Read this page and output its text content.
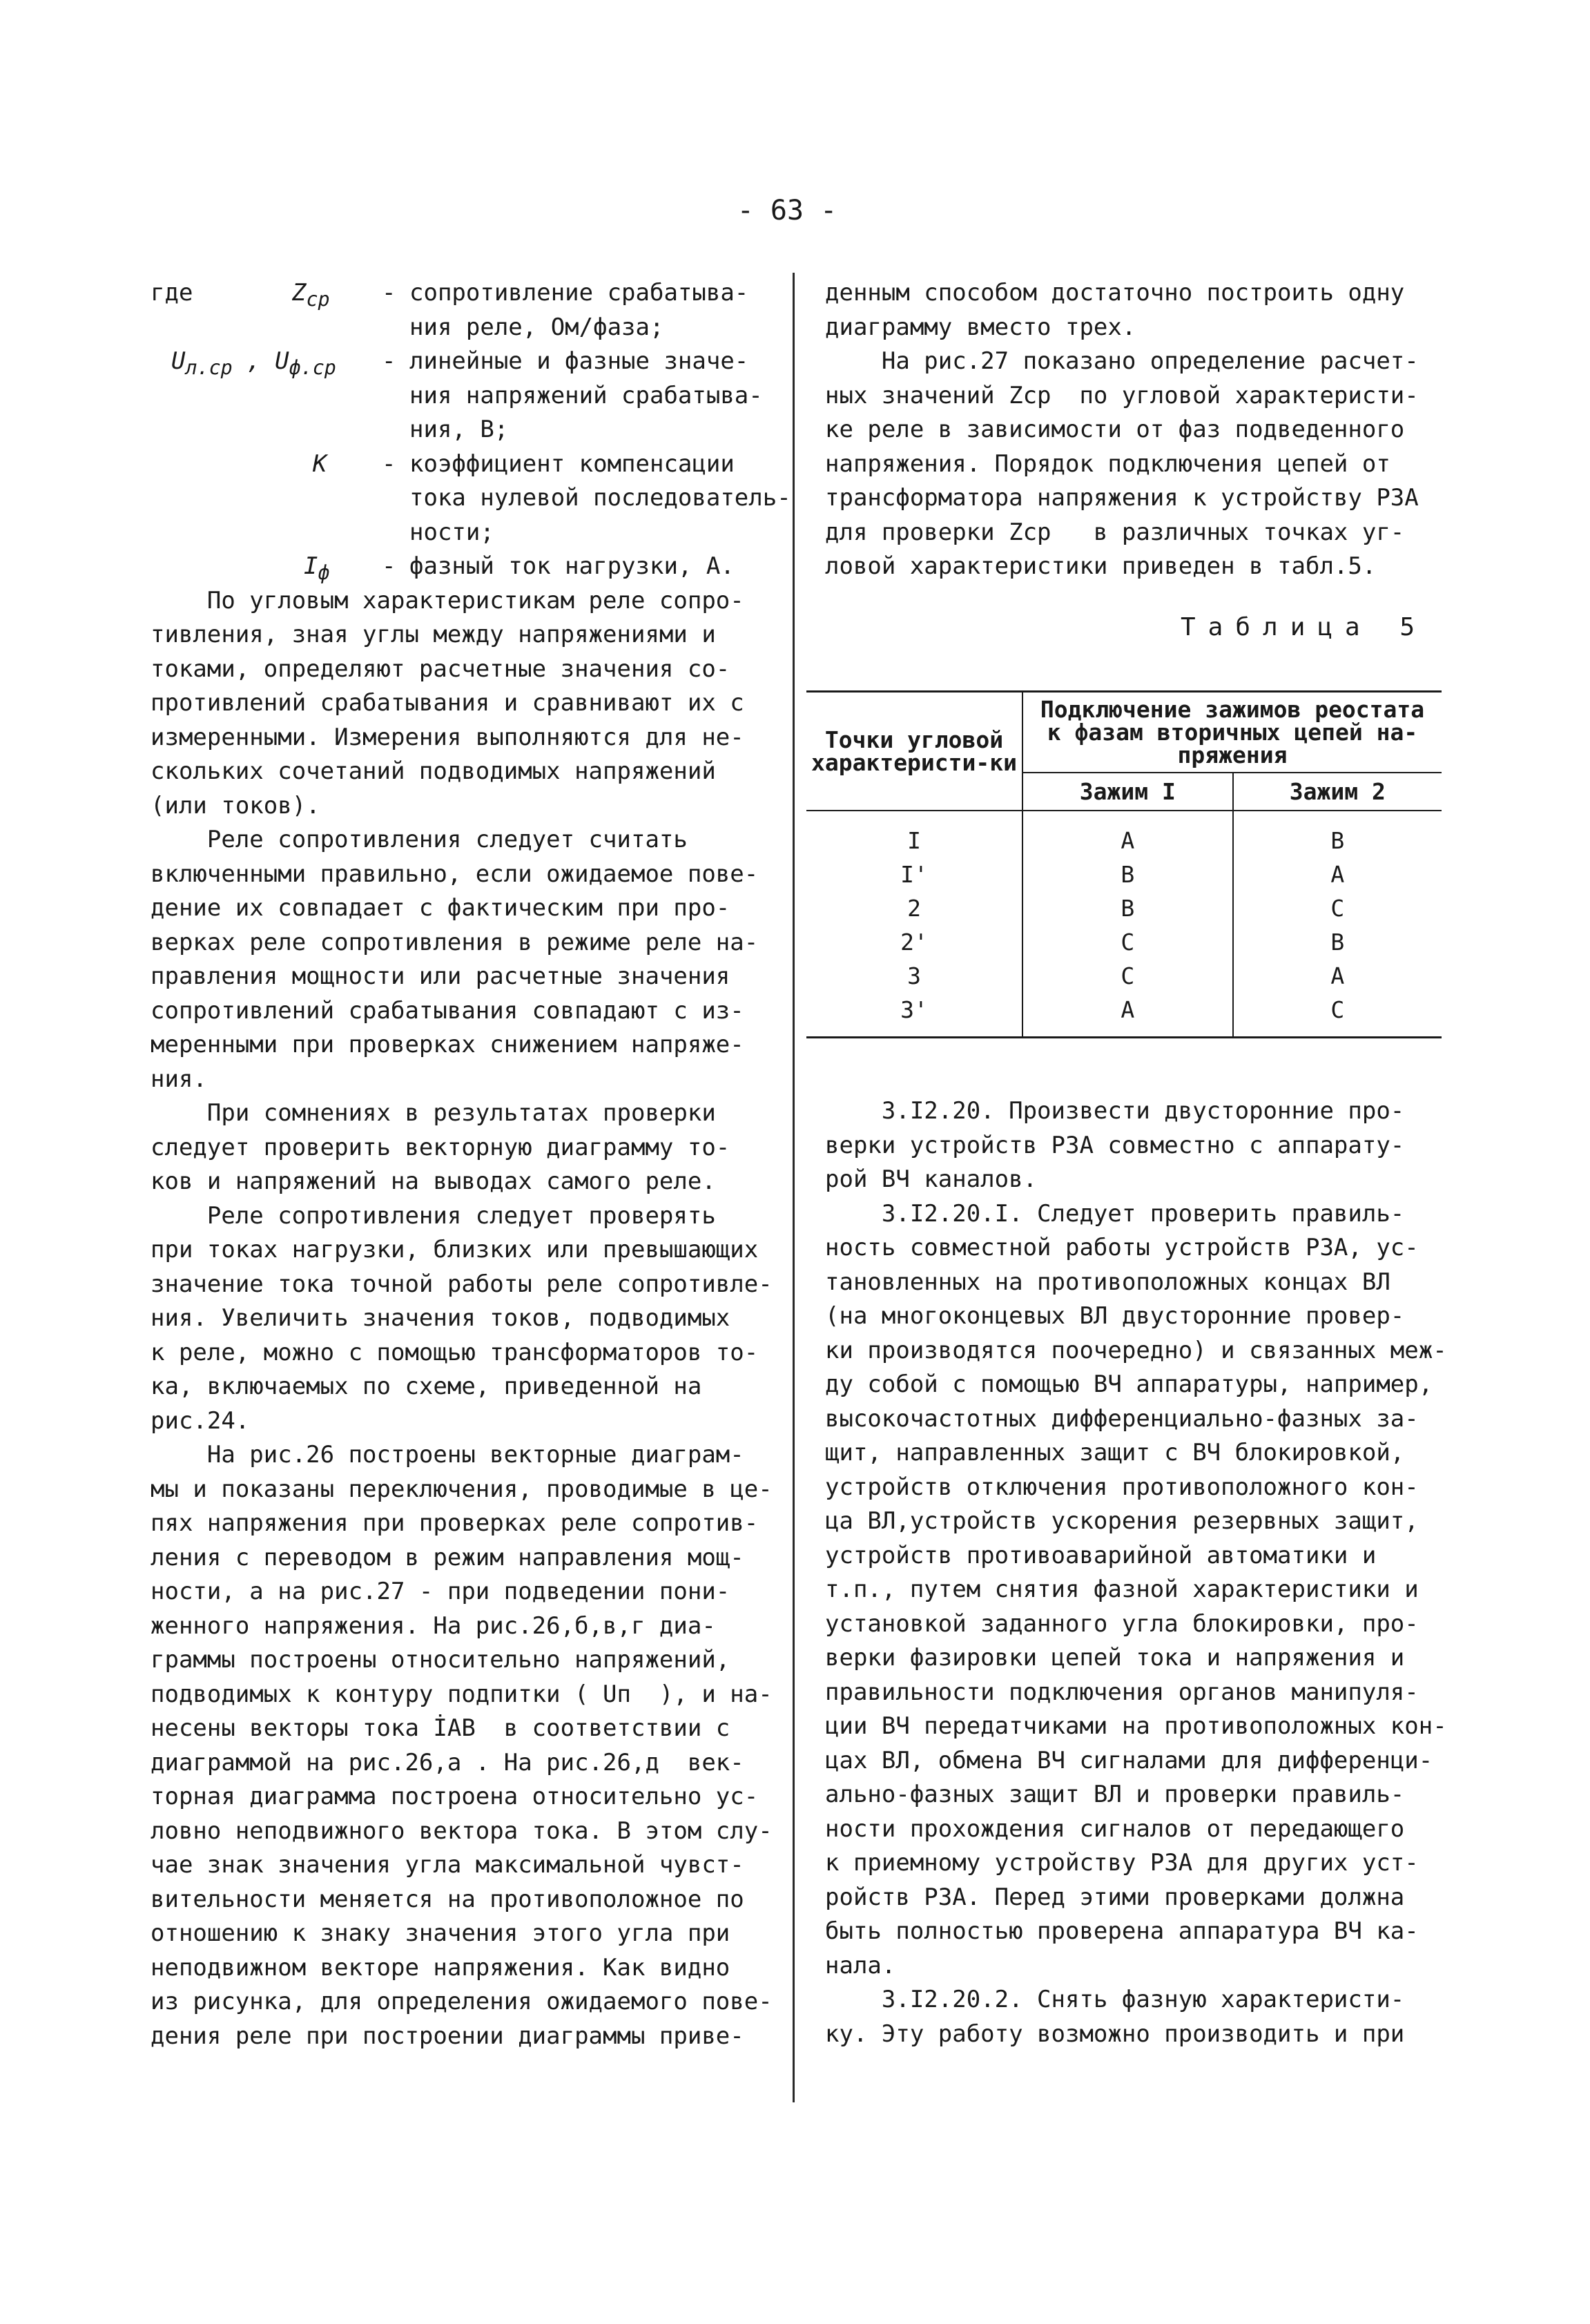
- 63 -
где	$Z_{ср}$ - сопротивление срабатыва-
ния реле, Ом/фаза;
$U_{л.ср}$ , $U_{ф.ср}$ - линейные и фазные значе-
ния напряжений срабатыва-
ния, В;
K - коэффициент компенсации
тока нулевой последователь-
ности;
$I_ф$ - фазный ток нагрузки, А.
По угловым характеристикам реле сопро-
тивления, зная углы между напряжениями и
токами, определяют расчетные значения со-
противлений срабатывания и сравнивают их с
измеренными. Измерения выполняются для не-
скольких сочетаний подводимых напряжений
(или токов).
Реле сопротивления следует считать
включенными правильно, если ожидаемое пове-
дение их совпадает с фактическим при про-
верках реле сопротивления в режиме реле на-
правления мощности или расчетные значения
сопротивлений срабатывания совпадают с из-
меренными при проверках снижением напряже-
ния.
При сомнениях в результатах проверки
следует проверить векторную диаграмму то-
ков и напряжений на выводах самого реле.
Реле сопротивления следует проверять
при токах нагрузки, близких или превышающих
значение тока точной работы реле сопротивле-
ния. Увеличить значения токов, подводимых
к реле, можно с помощью трансформаторов то-
ка, включаемых по схеме, приведенной на
рис.24.
На рис.26 построены векторные диаграм-
мы и показаны переключения, проводимые в це-
пях напряжения при проверках реле сопротив-
ления с переводом в режим направления мощ-
ности, а на рис.27 - при подведении пони-
женного напряжения. На рис.26,б,в,г диа-
граммы построены относительно напряжений,
подводимых к контуру подпитки ( Uп  ), и на-
несены векторы тока İАВ  в соответствии с
диаграммой на рис.26,а . На рис.26,д  век-
торная диаграмма построена относительно ус-
ловно неподвижного вектора тока. В этом слу-
чае знак значения угла максимальной чувст-
вительности меняется на противоположное по
отношению к знаку значения этого угла при
неподвижном векторе напряжения. Как видно
из рисунка, для определения ожидаемого пове-
дения реле при построении диаграммы приве-
денным способом достаточно построить одну
диаграмму вместо трех.
На рис.27 показано определение расчет-
ных значений Zср  по угловой характеристи-
ке реле в зависимости от фаз подведенного
напряжения. Порядок подключения цепей от
трансформатора напряжения к устройству РЗА
для проверки Zср   в различных точках уг-
ловой характеристики приведен в табл.5.
Таблица 5
Точки угловой характеристи-ки	Подключение зажимов реостата к фазам вторичных цепей на-пряжения	
	Зажим I	Зажим 2
I	A	B
I'	B	A
2	B	C
2'	C	B
3	C	A
3'	A	C
3.I2.20. Произвести двусторонние про-
верки устройств РЗА совместно с аппарату-
рой ВЧ каналов.
3.I2.20.I. Следует проверить правиль-
ность совместной работы устройств РЗА, ус-
тановленных на противоположных концах ВЛ
(на многоконцевых ВЛ двусторонние провер-
ки производятся поочередно) и связанных меж-
ду собой с помощью ВЧ аппаратуры, например,
высокочастотных дифференциально-фазных за-
щит, направленных защит с ВЧ блокировкой,
устройств отключения противоположного кон-
ца ВЛ,устройств ускорения резервных защит,
устройств противоаварийной автоматики и
т.п., путем снятия фазной характеристики и
установкой заданного угла блокировки, про-
верки фазировки цепей тока и напряжения и
правильности подключения органов манипуля-
ции ВЧ передатчиками на противоположных кон-
цах ВЛ, обмена ВЧ сигналами для дифференци-
ально-фазных защит ВЛ и проверки правиль-
ности прохождения сигналов от передающего
к приемному устройству РЗА для других уст-
ройств РЗА. Перед этими проверками должна
быть полностью проверена аппаратура ВЧ ка-
нала.
3.I2.20.2. Снять фазную характеристи-
ку. Эту работу возможно производить и при
